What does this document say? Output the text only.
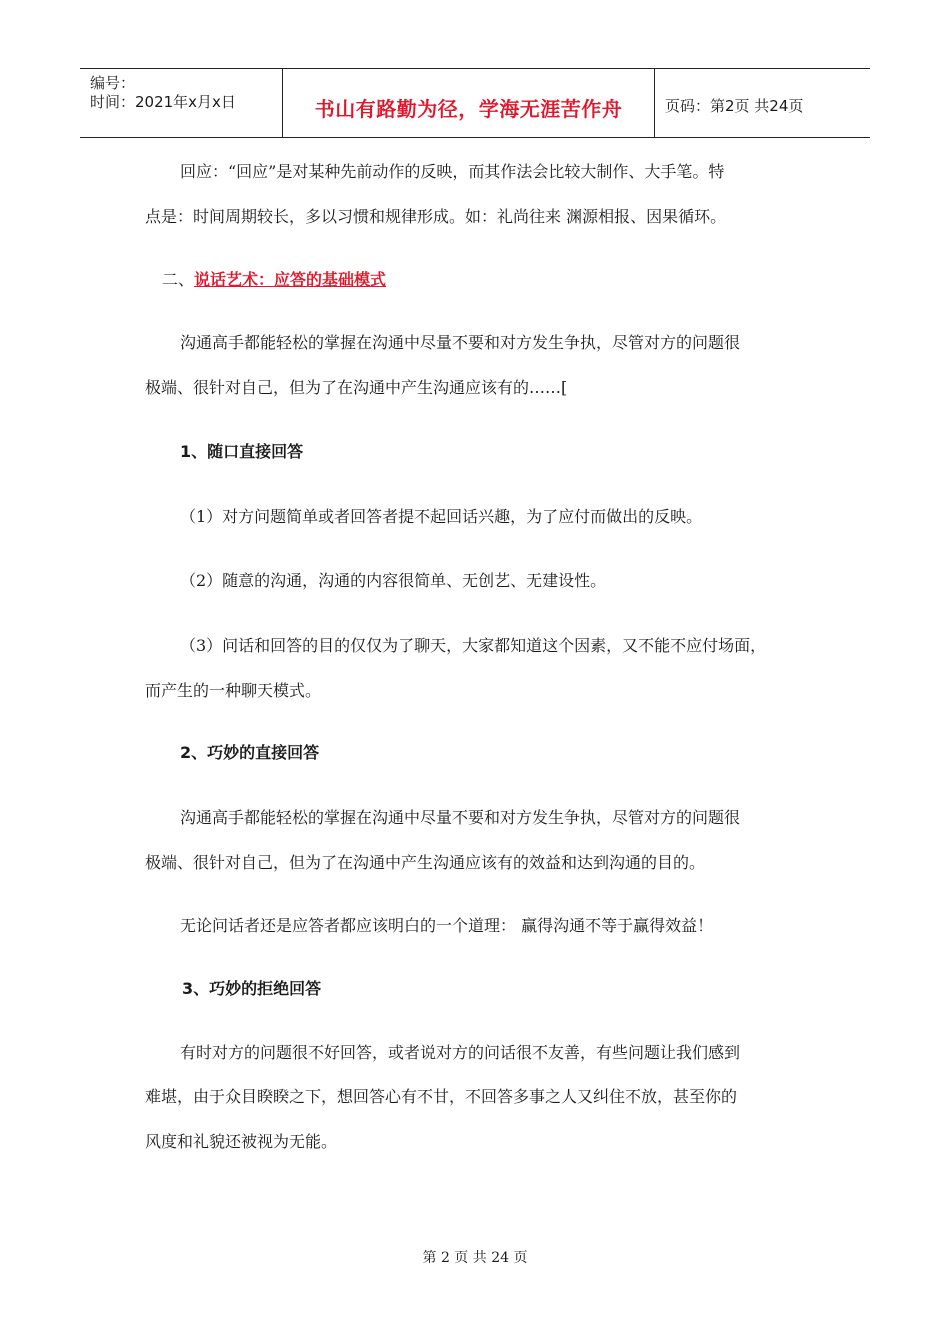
编号：
时间：2021年x月x日	书山有路勤为径，学海无涯苦作舟	页码：第2页 共24页
回应：“回应”是对某种先前动作的反映，而其作法会比较大制作、大手笔。特
点是：时间周期较长，多以习惯和规律形成。如：礼尚往来 渊源相报、因果循环。
二、说话艺术：应答的基础模式
沟通高手都能轻松的掌握在沟通中尽量不要和对方发生争执，尽管对方的问题很
极端、很针对自己，但为了在沟通中产生沟通应该有的……[
1、随口直接回答
（1）对方问题简单或者回答者提不起回话兴趣，为了应付而做出的反映。
（2）随意的沟通，沟通的内容很简单、无创艺、无建设性。
（3）问话和回答的目的仅仅为了聊天，大家都知道这个因素，又不能不应付场面，
而产生的一种聊天模式。
2、巧妙的直接回答
沟通高手都能轻松的掌握在沟通中尽量不要和对方发生争执，尽管对方的问题很
极端、很针对自己，但为了在沟通中产生沟通应该有的效益和达到沟通的目的。
无论问话者还是应答者都应该明白的一个道理： 赢得沟通不等于赢得效益！
3、巧妙的拒绝回答
有时对方的问题很不好回答，或者说对方的问话很不友善，有些问题让我们感到
难堪，由于众目睽睽之下，想回答心有不甘，不回答多事之人又纠住不放，甚至你的
风度和礼貌还被视为无能。
第 2 页 共 24 页
